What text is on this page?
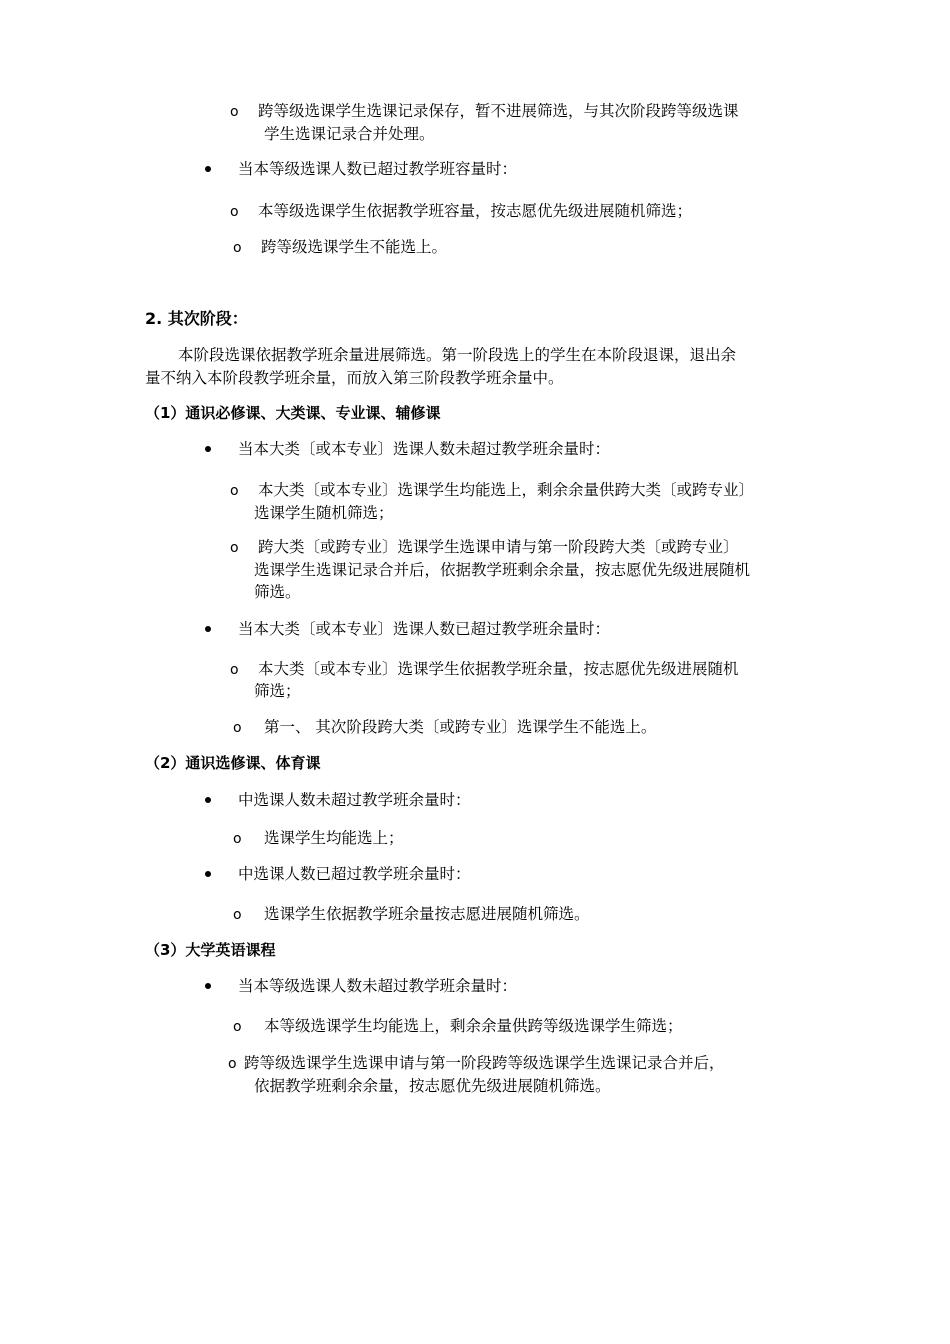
o 跨等级选课学生选课记录保存，暂不进展筛选，与其次阶段跨等级选课
学生选课记录合并处理。
当本等级选课人数已超过教学班容量时：
o 本等级选课学生依据教学班容量，按志愿优先级进展随机筛选；
o 跨等级选课学生不能选上。
2. 其次阶段：
本阶段选课依据教学班余量进展筛选。第一阶段选上的学生在本阶段退课，退出余
量不纳入本阶段教学班余量，而放入第三阶段教学班余量中。
（1）通识必修课、大类课、专业课、辅修课
当本大类〔或本专业〕选课人数未超过教学班余量时：
o 本大类〔或本专业〕选课学生均能选上，剩余余量供跨大类〔或跨专业〕
选课学生随机筛选；
o 跨大类〔或跨专业〕选课学生选课申请与第一阶段跨大类〔或跨专业〕
选课学生选课记录合并后，依据教学班剩余余量，按志愿优先级进展随机
筛选。
当本大类〔或本专业〕选课人数已超过教学班余量时：
o 本大类〔或本专业〕选课学生依据教学班余量，按志愿优先级进展随机
筛选；
o 第一、 其次阶段跨大类〔或跨专业〕选课学生不能选上。
（2）通识选修课、体育课
中选课人数未超过教学班余量时：
o 选课学生均能选上；
中选课人数已超过教学班余量时：
o 选课学生依据教学班余量按志愿进展随机筛选。
（3）大学英语课程
当本等级选课人数未超过教学班余量时：
o 本等级选课学生均能选上，剩余余量供跨等级选课学生筛选；
o 跨等级选课学生选课申请与第一阶段跨等级选课学生选课记录合并后，
依据教学班剩余余量，按志愿优先级进展随机筛选。
